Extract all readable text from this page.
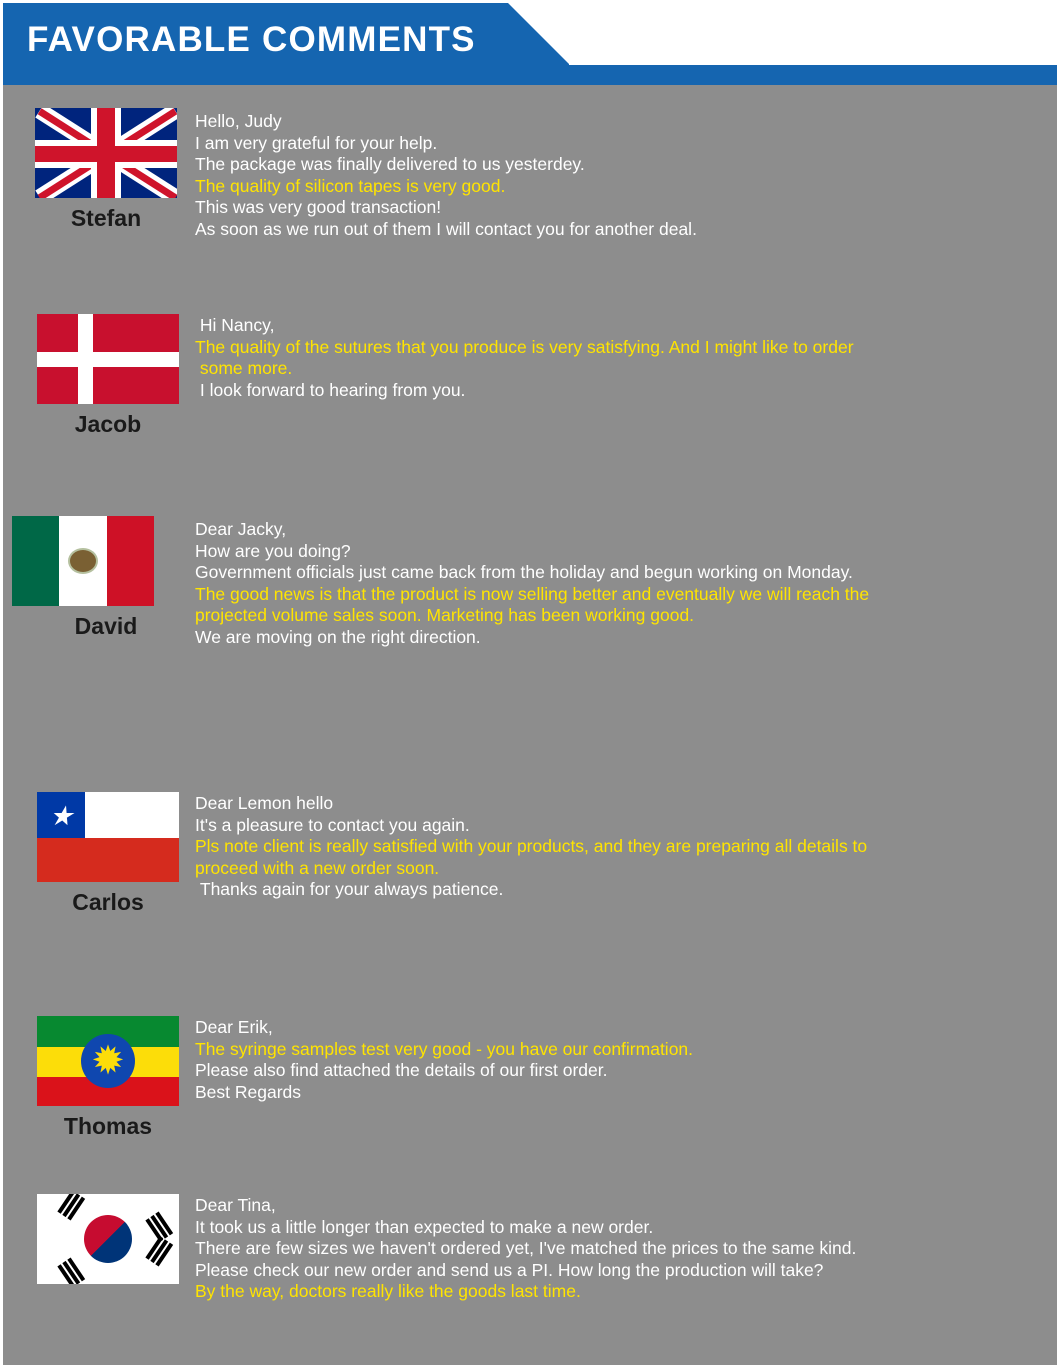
FAVORABLE COMMENTS
Stefan
Hello, Judy
I am very grateful for your help.
The package was finally delivered to us yesterdey.
The quality of silicon tapes is very good.
This was very good transaction!
As soon as we run out of them I will contact you for another deal.
Jacob
Hi Nancy,
The quality of the sutures that you produce is very satisfying. And I might like to order
some more.
I look forward to hearing from you.
David
Dear Jacky,
How are you doing?
Government officials just came back from the holiday and begun working on Monday.
The good news is that the product is now selling better and eventually we will reach the
projected volume sales soon. Marketing has been working good.
We are moving on the right direction.
Carlos
Dear Lemon hello
It's a pleasure to contact you again.
Pls note client is really satisfied with your products, and they are preparing all details to
proceed with a new order soon.
Thanks again for your always patience.
✹
Thomas
Dear Erik,
The syringe samples test very good - you have our confirmation.
Please also find attached the details of our first order.
Best Regards
Dear Tina,
It took us a little longer than expected to make a new order.
There are few sizes we haven't ordered yet, I've matched the prices to the same kind.
Please check our new order and send us a PI. How long the production will take?
By the way, doctors really like the goods last time.
